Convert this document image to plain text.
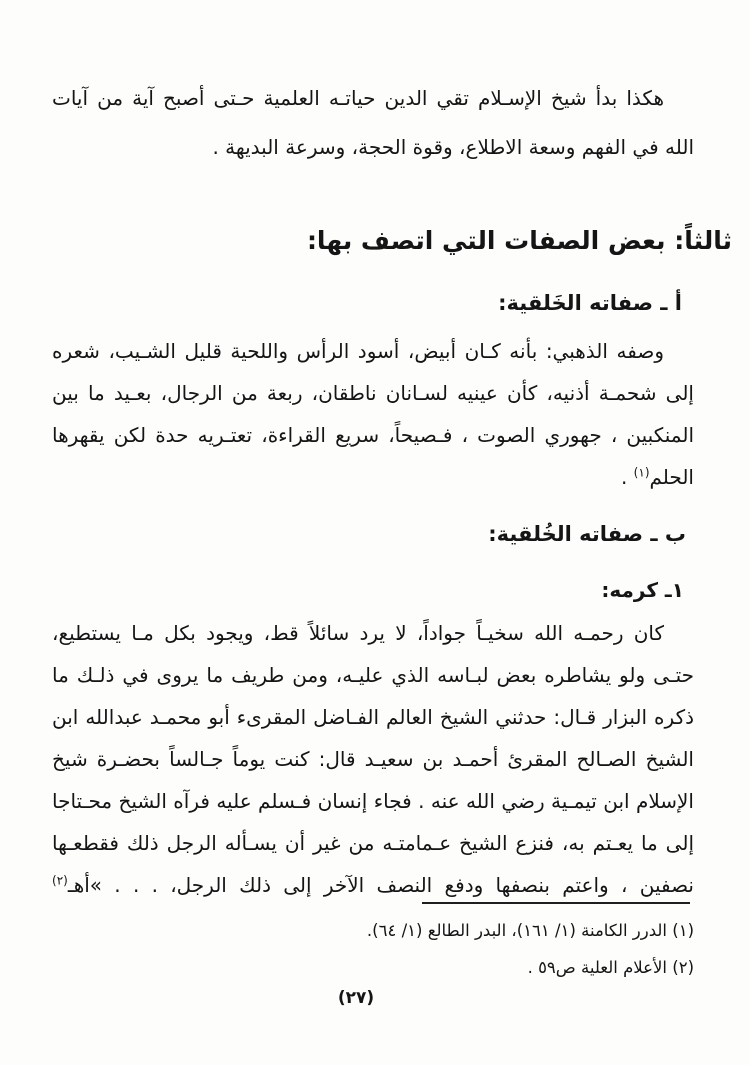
هكذا بدأ شيخ الإسـلام تقي الدين حياتـه العلمية حـتى أصبح آية من آيات
الله في الفهم وسعة الاطلاع، وقوة الحجة، وسرعة البديهة .
ثالثاً: بعض الصفات التي اتصف بها:
أ ـ صفاته الخَلقية:
وصفه الذهبي: بأنه كـان أبيض، أسود الرأس واللحية قليل الشـيب، شعره
إلى شحمـة أذنيه، كأن عينيه لسـانان ناطقان، ربعة من الرجال، بعـيد ما بين
المنكبين ، جهوري الصوت ، فـصيحاً، سريع القراءة، تعتـريه حدة لكن يقهرها
الحلم$^{(١)}$ .
ب ـ صفاته الخُلقية:
١ـ كرمه:
كان رحمـه الله سخيـاً جواداً، لا يرد سائلاً قط، ويجود بكل مـا يستطيع،
حتـى ولو يشاطره بعض لبـاسه الذي عليـه، ومن طريف ما يروى في ذلـك ما
ذكره البزار قـال: حدثني الشيخ العالم الفـاضل المقرىء أبو محمـد عبدالله ابن
الشيخ الصـالح المقرئ أحمـد بن سعيـد قال: كنت يوماً جـالساً بحضـرة شيخ
الإسلام ابن تيمـية رضي الله عنه . فجاء إنسان فـسلم عليه فرآه الشيخ محـتاجا
إلى ما يعـتم به، فنزع الشيخ عـمامتـه من غير أن يسـأله الرجل ذلك فقطعـها
نصفين ، واعتم بنصفها ودفع النصف الآخر إلى ذلك الرجل، . . . »أهـ$^{(٢)}$
(١) الدرر الكامنة (١/ ١٦١)، البدر الطالع (١/ ٦٤).
(٢) الأعلام العلية ص٥٩ .
(٢٧)
